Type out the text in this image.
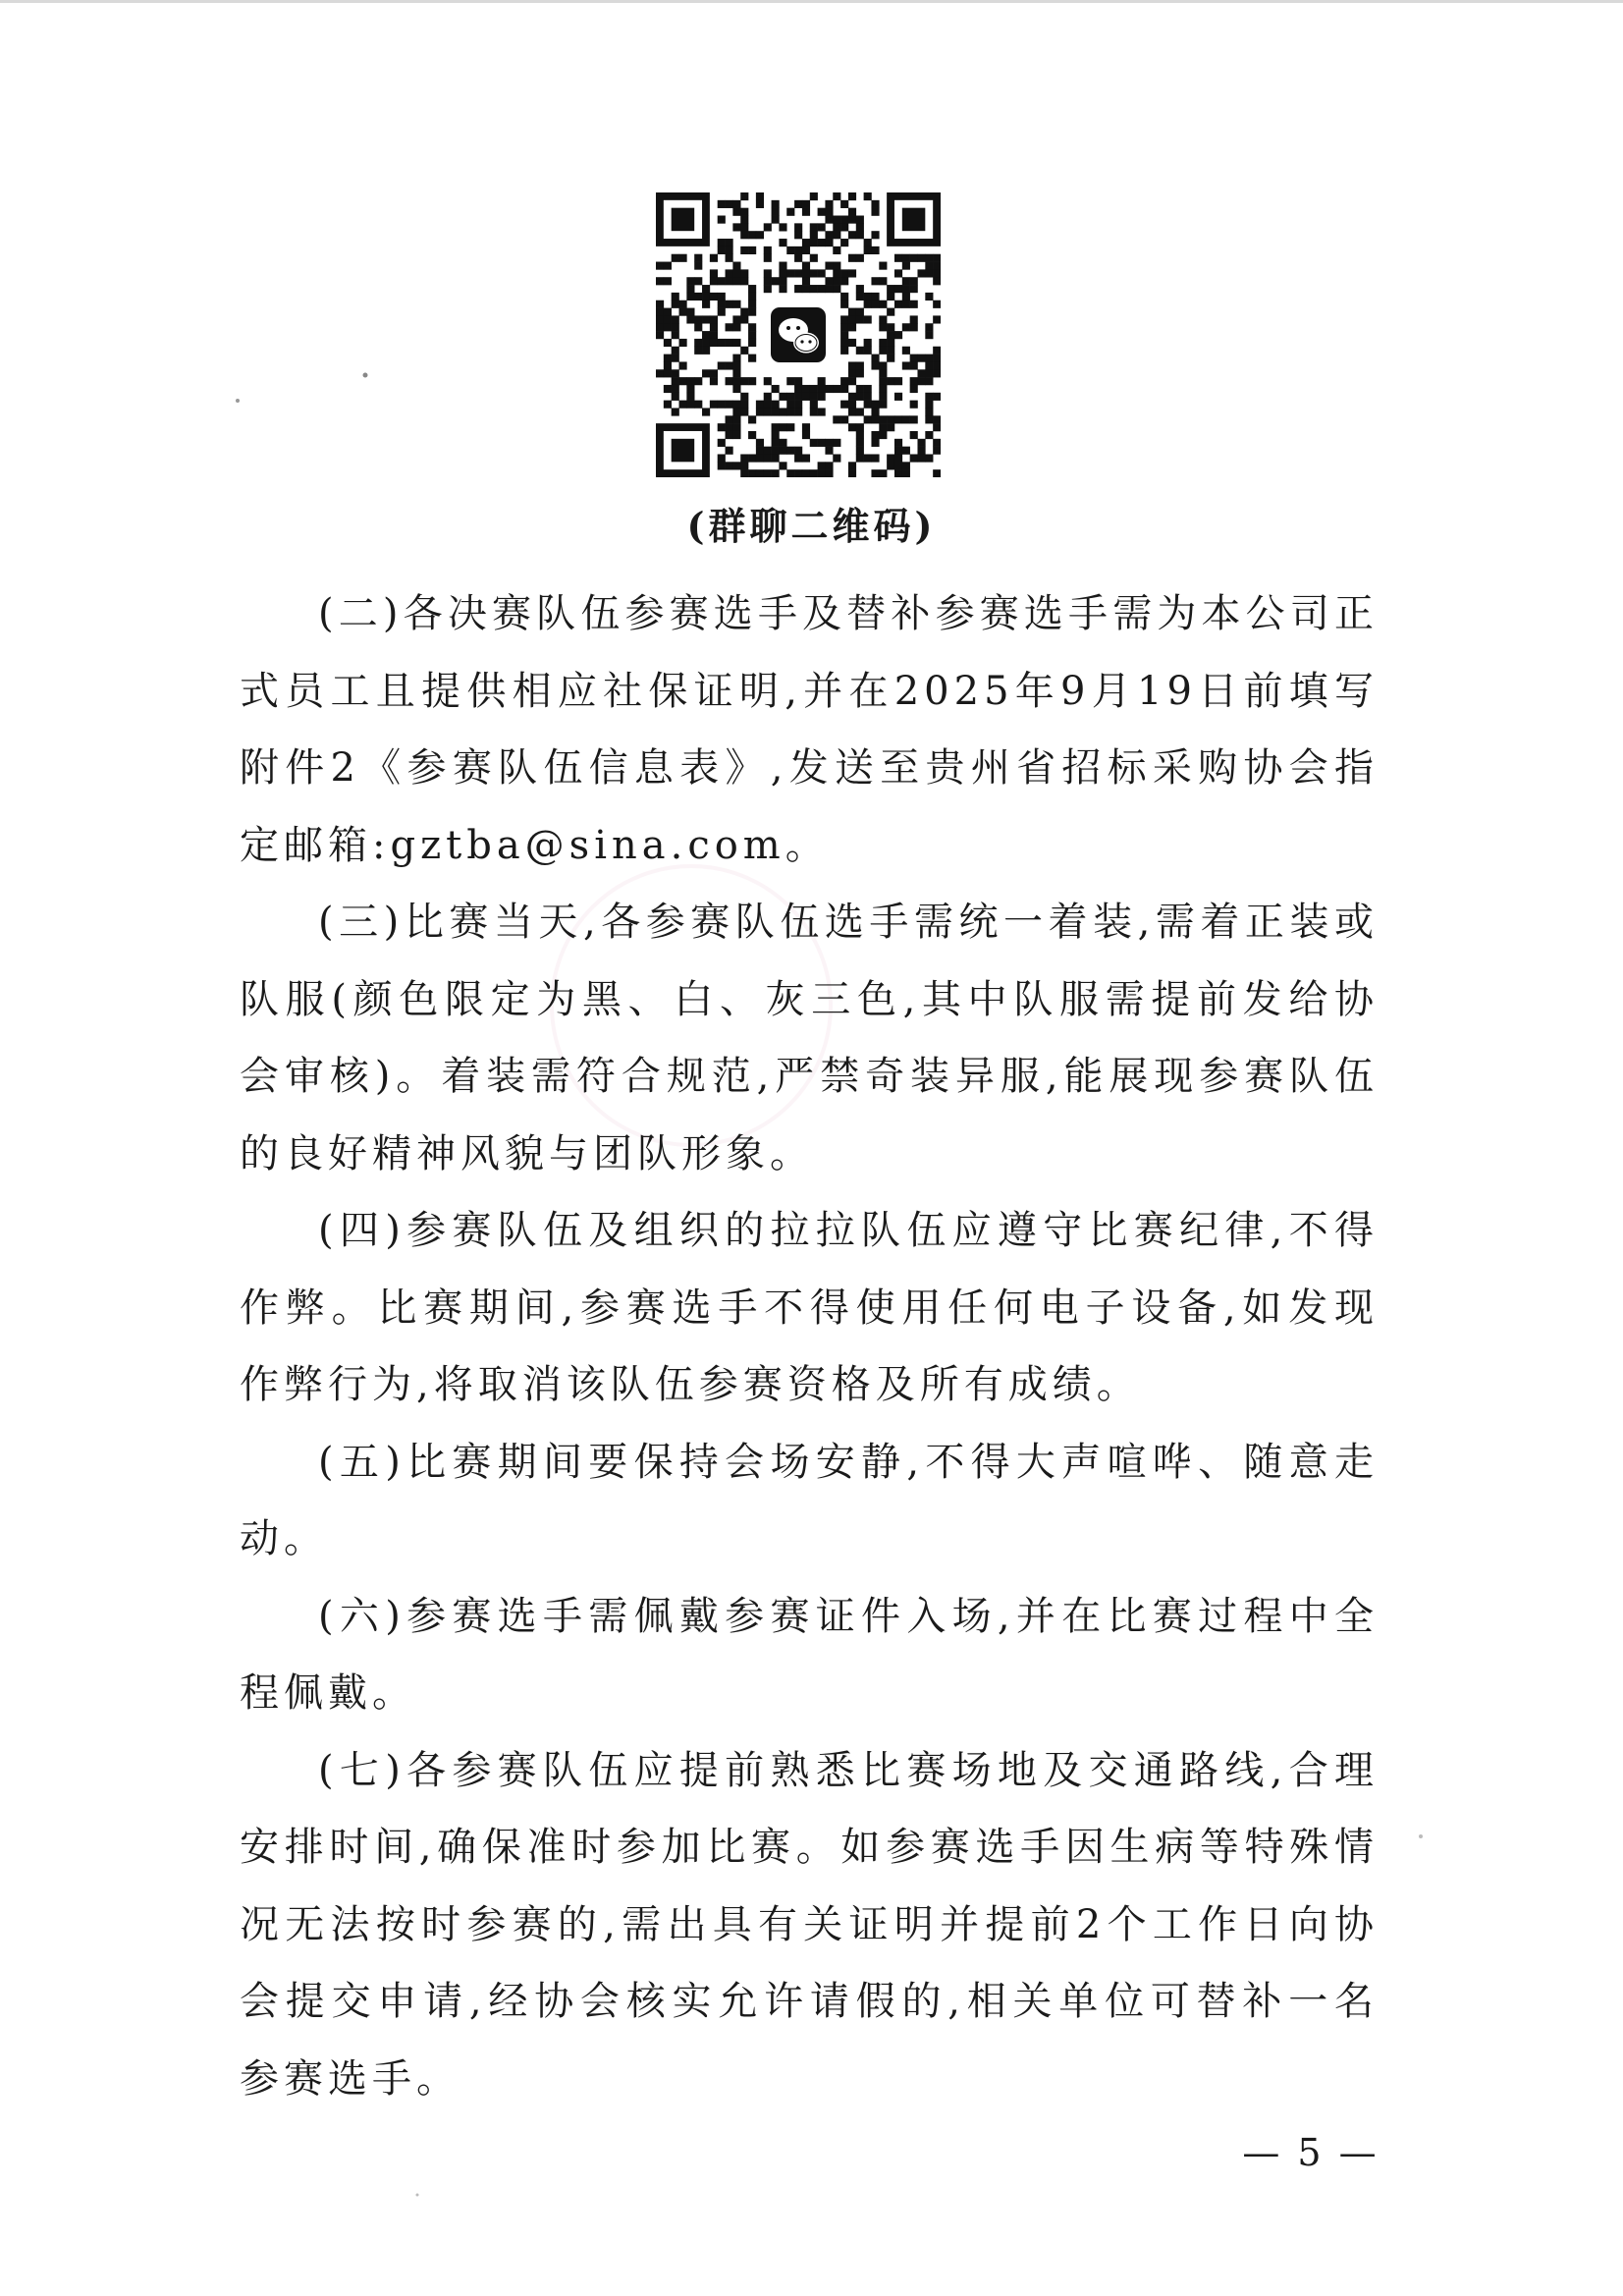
(群聊二维码)

(二)各决赛队伍参赛选手及替补参赛选手需为本公司正式员工且提供相应社保证明,并在2025年9月19日前填写附件2《参赛队伍信息表》,发送至贵州省招标采购协会指定邮箱:gztba@sina.com。

(三)比赛当天,各参赛队伍选手需统一着装,需着正装或队服(颜色限定为黑、白、灰三色,其中队服需提前发给协会审核)。着装需符合规范,严禁奇装异服,能展现参赛队伍的良好精神风貌与团队形象。

(四)参赛队伍及组织的拉拉队伍应遵守比赛纪律,不得作弊。比赛期间,参赛选手不得使用任何电子设备,如发现作弊行为,将取消该队伍参赛资格及所有成绩。

(五)比赛期间要保持会场安静,不得大声喧哗、随意走动。

(六)参赛选手需佩戴参赛证件入场,并在比赛过程中全程佩戴。

(七)各参赛队伍应提前熟悉比赛场地及交通路线,合理安排时间,确保准时参加比赛。如参赛选手因生病等特殊情况无法按时参赛的,需出具有关证明并提前2个工作日向协会提交申请,经协会核实允许请假的,相关单位可替补一名参赛选手。

— 5 —
